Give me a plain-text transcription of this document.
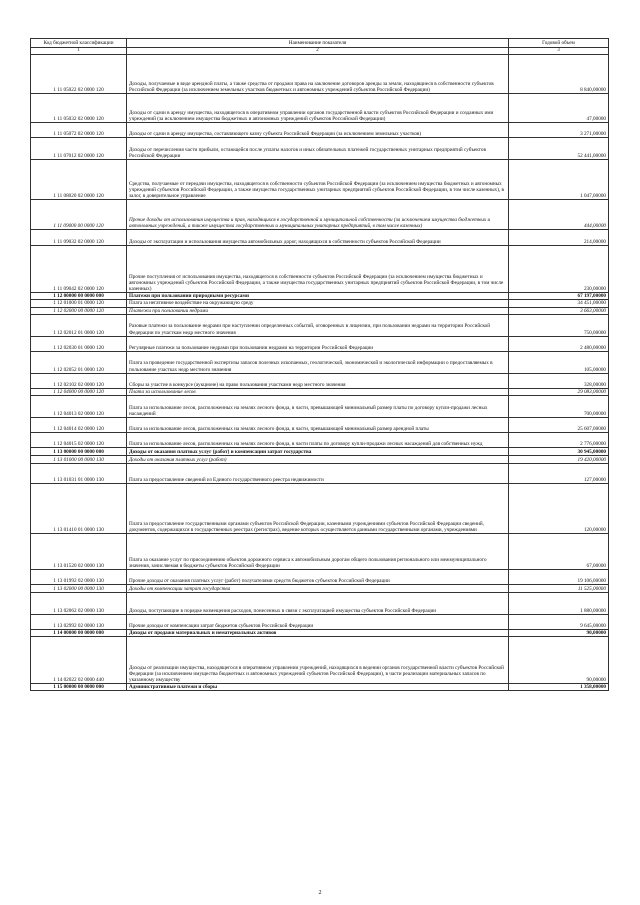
Код бюджетной классификации	Наименование показателя	Годовой объем
1	2	3
1 11 05022 02 0000 120	Доходы, получаемые в виде арендной платы, а также средства от продажи права на заключение договоров аренды за земли, находящиеся в собственности субъектов Российской Федерации (за исключением земельных участков бюджетных и автономных учреждений субъектов Российской Федерации)	8 840,00000
1 11 05032 02 0000 120	Доходы от сдачи в аренду имущества, находящегося в оперативном управлении органов государственной власти субъектов Российской Федерации и созданных ими учреждений (за исключением имущества бюджетных и автономных учреждений субъектов Российской Федерации)	47,00000
1 11 05072 02 0000 120	Доходы от сдачи в аренду имущества, составляющего казну субъекта Российской Федерации (за исключением земельных участков)	3 271,00000
1 11 07012 02 0000 120	Доходы от перечисления части прибыли, остающейся после уплаты налогов и иных обязательных платежей государственных унитарных предприятий субъектов Российской Федерации	52 441,00000
1 11 08020 02 0000 120	Средства, получаемые от передачи имущества, находящегося в собственности субъектов Российской Федерации (за исключением имущества бюджетных и автономных учреждений субъектов Российской Федерации, а также имущества государственных унитарных предприятий субъектов Российской Федерации, в том числе казенных), в залог, в доверительное управление	1 047,00000
1 11 09000 00 0000 120	Прочие доходы от использования имущества и прав, находящихся в государственной и муниципальной собственности (за исключением имущества бюджетных и автономных учреждений, а также имущества государственных и муниципальных унитарных предприятий, в том числе казенных)	444,00000
1 11 09032 02 0000 120	Доходы от эксплуатации и использования имущества автомобильных дорог, находящихся в собственности субъектов Российской Федерации	214,00000
1 11 09042 02 0000 120	Прочие поступления от использования имущества, находящегося в собственности субъектов Российской Федерации (за исключением имущества бюджетных и автономных учреждений субъектов Российской Федерации, а также имущества государственных унитарных предприятий субъектов Российской Федерации, в том числе казенных)	230,00000
1 12 00000 00 0000 000	Платежи при пользовании природными ресурсами	67 197,00000
1 12 01000 01 0000 120	Плата за негативное воздействие на окружающую среду	34 451,00000
1 12 02000 00 0000 120	Платежи при пользовании недрами	3 663,00000
1 12 02012 01 0000 120	Разовые платежи за пользование недрами при наступлении определенных событий, оговоренных в лицензии, при пользовании недрами на территории Российской Федерации по участкам недр местного значения	750,00000
1 12 02030 01 0000 120	Регулярные платежи за пользование недрами при пользовании недрами на территории Российской Федерации	2 480,00000
1 12 02052 01 0000 120	Плата за проведение государственной экспертизы запасов полезных ископаемых, геологической, экономической и экологической информации о предоставляемых в пользование участках недр местного значения	105,00000
1 12 02102 02 0000 120	Сборы за участие в конкурсе (аукционе) на право пользования участками недр местного значения	328,00000
1 12 04000 00 0000 120	Плата за использование лесов	29 083,00000
1 12 04013 02 0000 120	Плата за использование лесов, расположенных на землях лесного фонда, в части, превышающей минимальный размер платы по договору купли-продажи лесных насаждений	700,00000
1 12 04014 02 0000 120	Плата за использование лесов, расположенных на землях лесного фонда, в части, превышающей минимальный размер арендной платы	25 607,00000
1 12 04015 02 0000 120	Плата за использование лесов, расположенных на землях лесного фонда, в части платы по договору купли-продажи лесных насаждений для собственных нужд	2 776,00000
1 13 00000 00 0000 000	Доходы от оказания платных услуг (работ) и компенсации затрат государства	30 945,00000
1 13 01000 00 0000 130	Доходы от оказания платных услуг (работ)	19 420,00000
1 13 01031 01 0000 130	Плата за предоставление сведений из Единого государственного реестра недвижимости	127,00000
1 13 01410 01 0000 130	Плата за предоставление государственными органами субъектов Российской Федерации, казенными учреждениями субъектов Российской Федерации сведений, документов, содержащихся в государственных реестрах (регистрах), ведение которых осуществляется данными государственными органами, учреждениями	120,00000
1 13 01520 02 0000 130	Плата за оказание услуг по присоединению объектов дорожного сервиса к автомобильным дорогам общего пользования регионального или межмуниципального значения, зачисляемая в бюджеты субъектов Российской Федерации	67,00000
1 13 01992 02 0000 130	Прочие доходы от оказания платных услуг (работ) получателями средств бюджетов субъектов Российской Федерации	19 106,00000
1 13 02000 00 0000 130	Доходы от компенсации затрат государства	11 525,00000
1 13 02062 02 0000 130	Доходы, поступающие в порядке возмещения расходов, понесенных в связи с эксплуатацией имущества субъектов Российской Федерации	1 880,00000
1 13 02992 02 0000 130	Прочие доходы от компенсации затрат бюджетов субъектов Российской Федерации	9 645,00000
1 14 00000 00 0000 000	Доходы от продажи материальных и нематериальных активов	90,00000
1 14 02022 02 0000 440	Доходы от реализации имущества, находящегося в оперативном управлении учреждений, находящихся в ведении органов государственной власти субъектов Российской Федерации (за исключением имущества бюджетных и автономных учреждений субъектов Российской Федерации), в части реализации материальных запасов по указанному имуществу	90,00000
1 15 00000 00 0000 000	Административные платежи и сборы	1 358,00000
2
